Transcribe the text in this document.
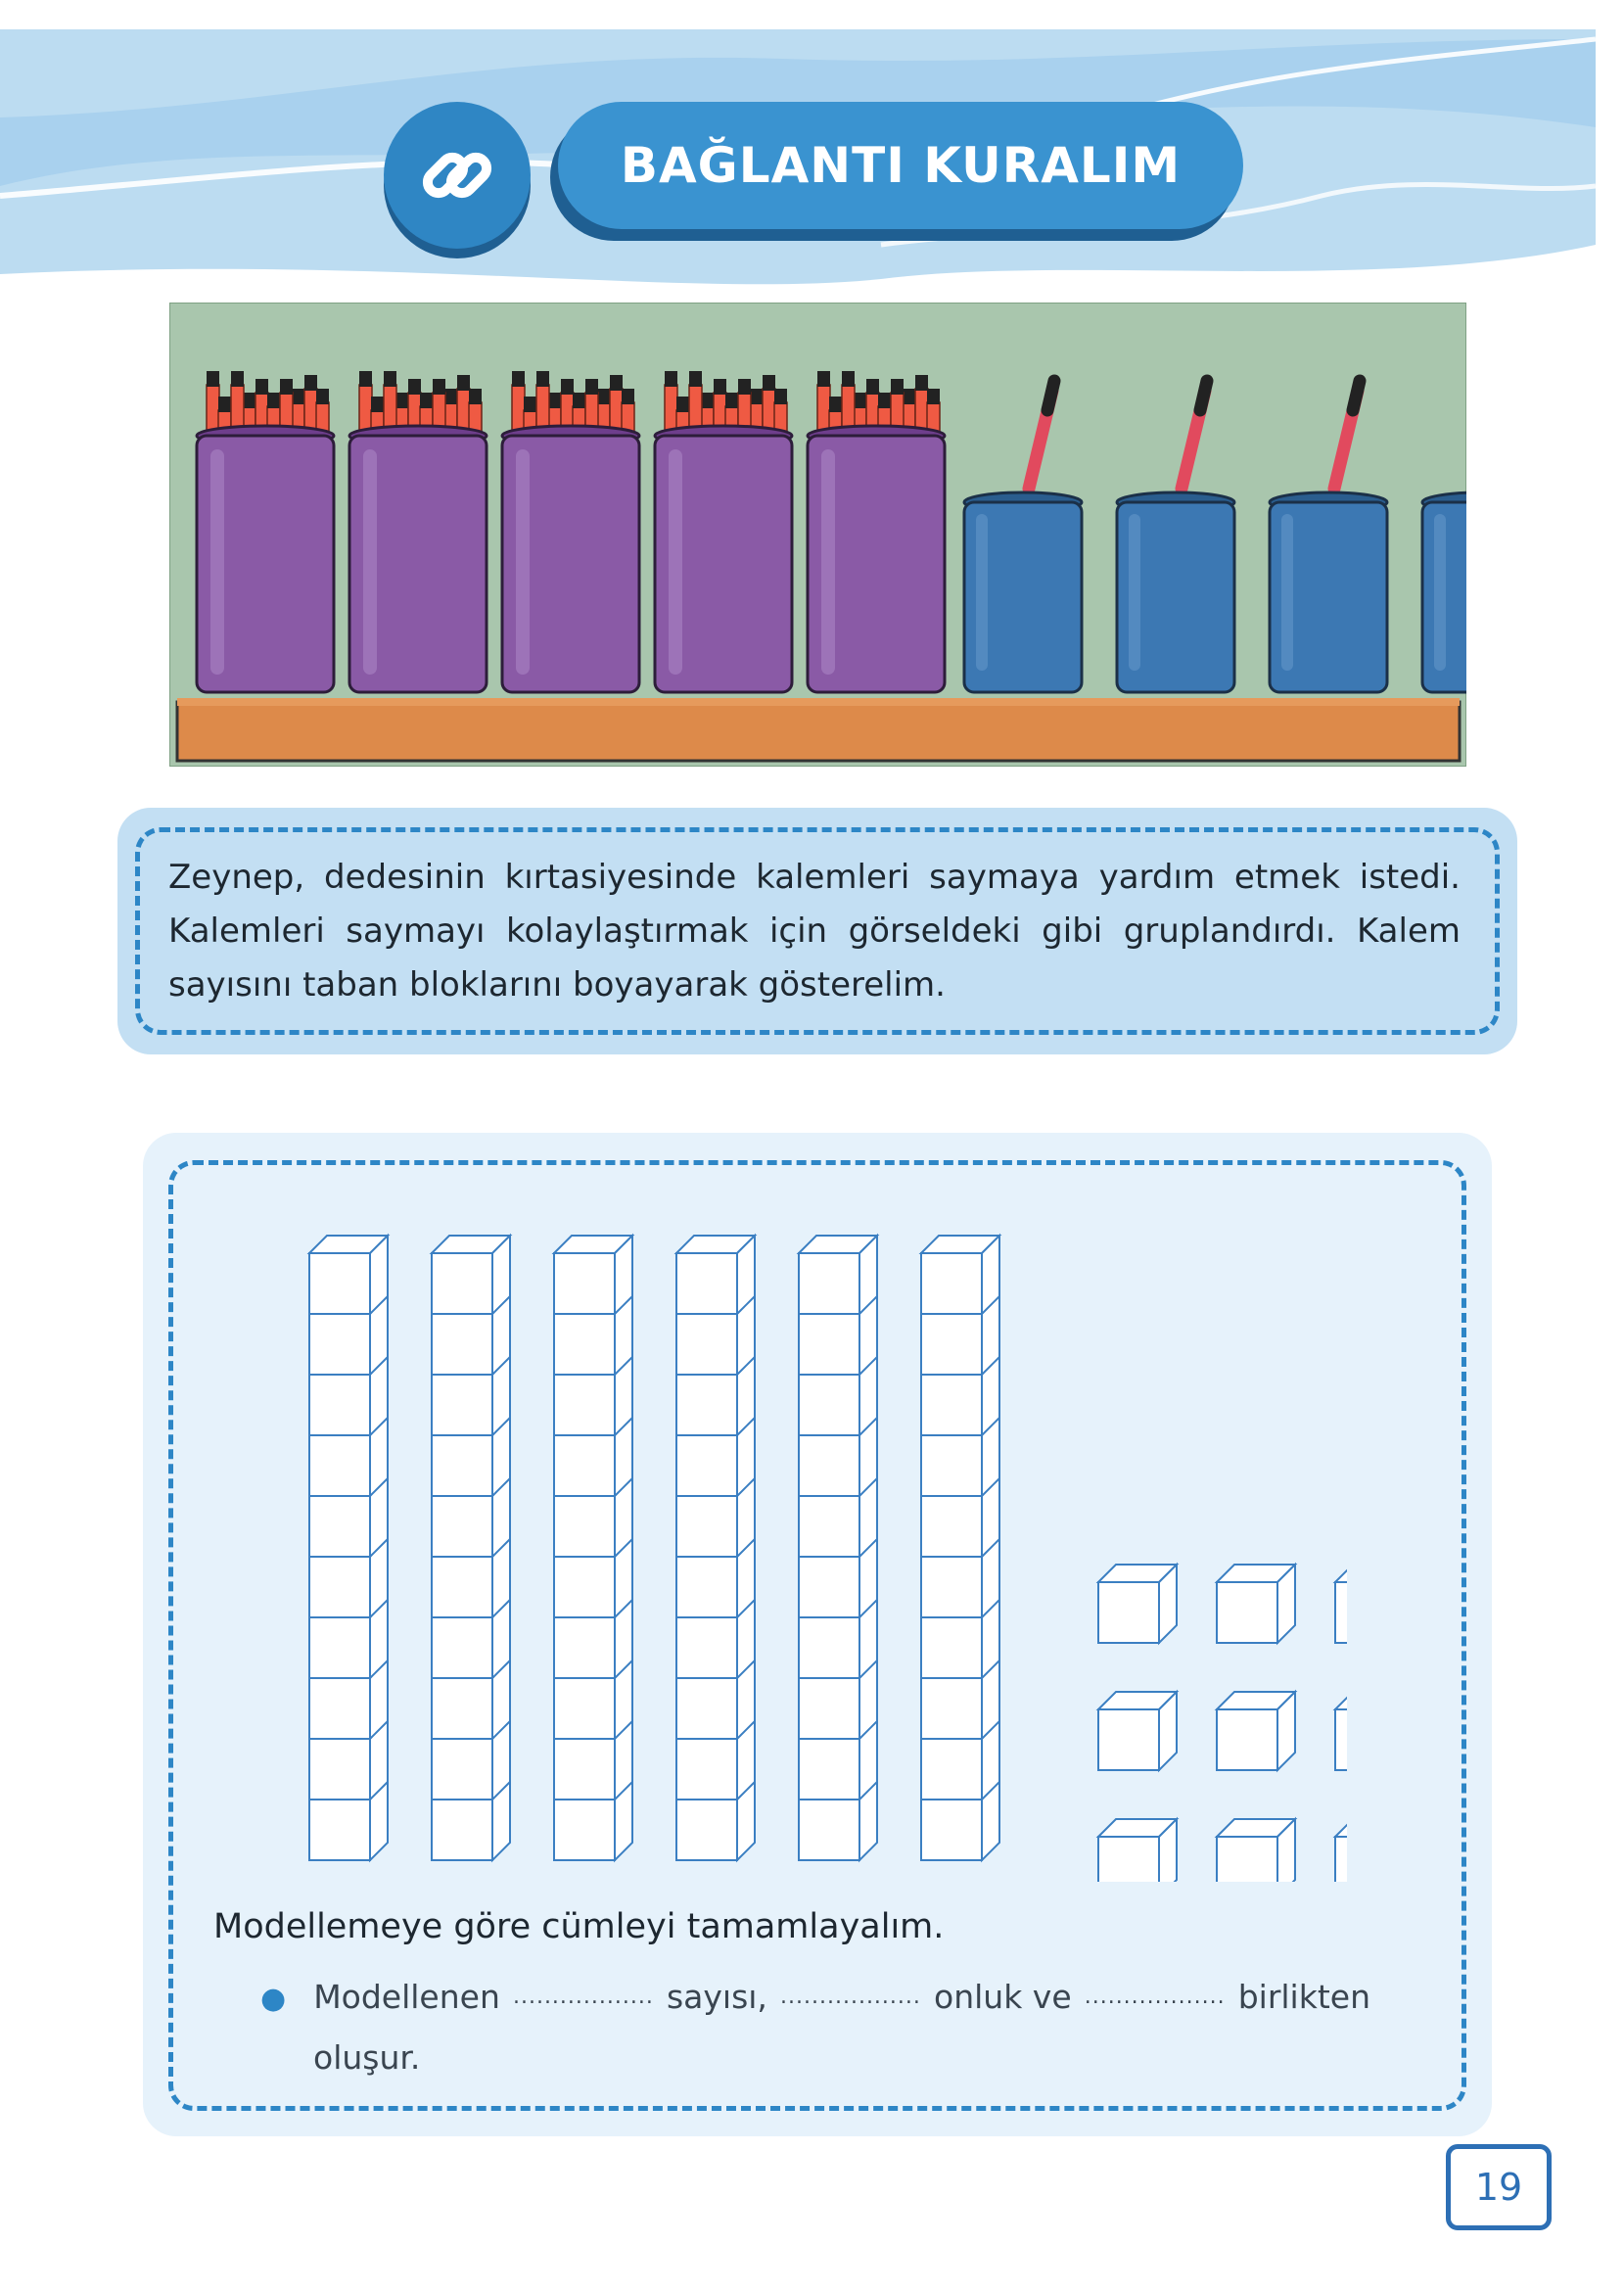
BAĞLANTI KURALIM
Zeynep, dedesinin kırtasiyesinde kalemleri saymaya yardım etmek istedi. Kalemleri saymayı kolaylaştırmak için görseldeki gibi gruplandırdı. Kalem sayısını taban bloklarını boyayarak gösterelim.
Modellemeye göre cümleyi tamamlayalım.
● Modellenen .................. sayısı, .................. onluk ve .................. birlikten
oluşur.
19
